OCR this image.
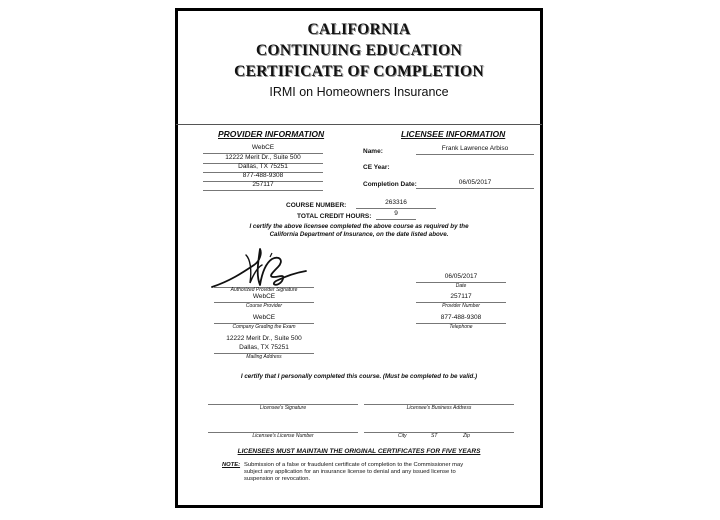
CALIFORNIA
CONTINUING EDUCATION
CERTIFICATE OF COMPLETION
IRMI on Homeowners Insurance
PROVIDER INFORMATION	LICENSEE INFORMATION
WebCE
12222 Merit Dr., Suite 500
Dallas, TX 75251
877-488-9308
257117
Name:	Frank Lawrence Arbiso
CE Year:
Completion Date:	06/05/2017
COURSE NUMBER:	263316
TOTAL CREDIT HOURS:	9
I certify the above licensee completed the above course as required by the
California Department of Insurance, on the date listed above.
Authorized Provider Signature
WebCE
Course Provider
WebCE
Company Grading the Exam
12222 Merit Dr., Suite 500
Dallas, TX 75251
Mailing Address
06/05/2017
Date
257117
Provider Number
877-488-9308
Telephone
I certify that I personally completed this course. (Must be completed to be valid.)
Licensee's Signature	Licensee's Business Address
Licensee's License Number	City	ST	Zip
LICENSEES MUST MAINTAIN THE ORIGINAL CERTIFICATES FOR FIVE YEARS
NOTE: Submission of a false or fraudulent certificate of completion to the Commissioner may
subject any application for an insurance license to denial and any issued license to
suspension or revocation.
